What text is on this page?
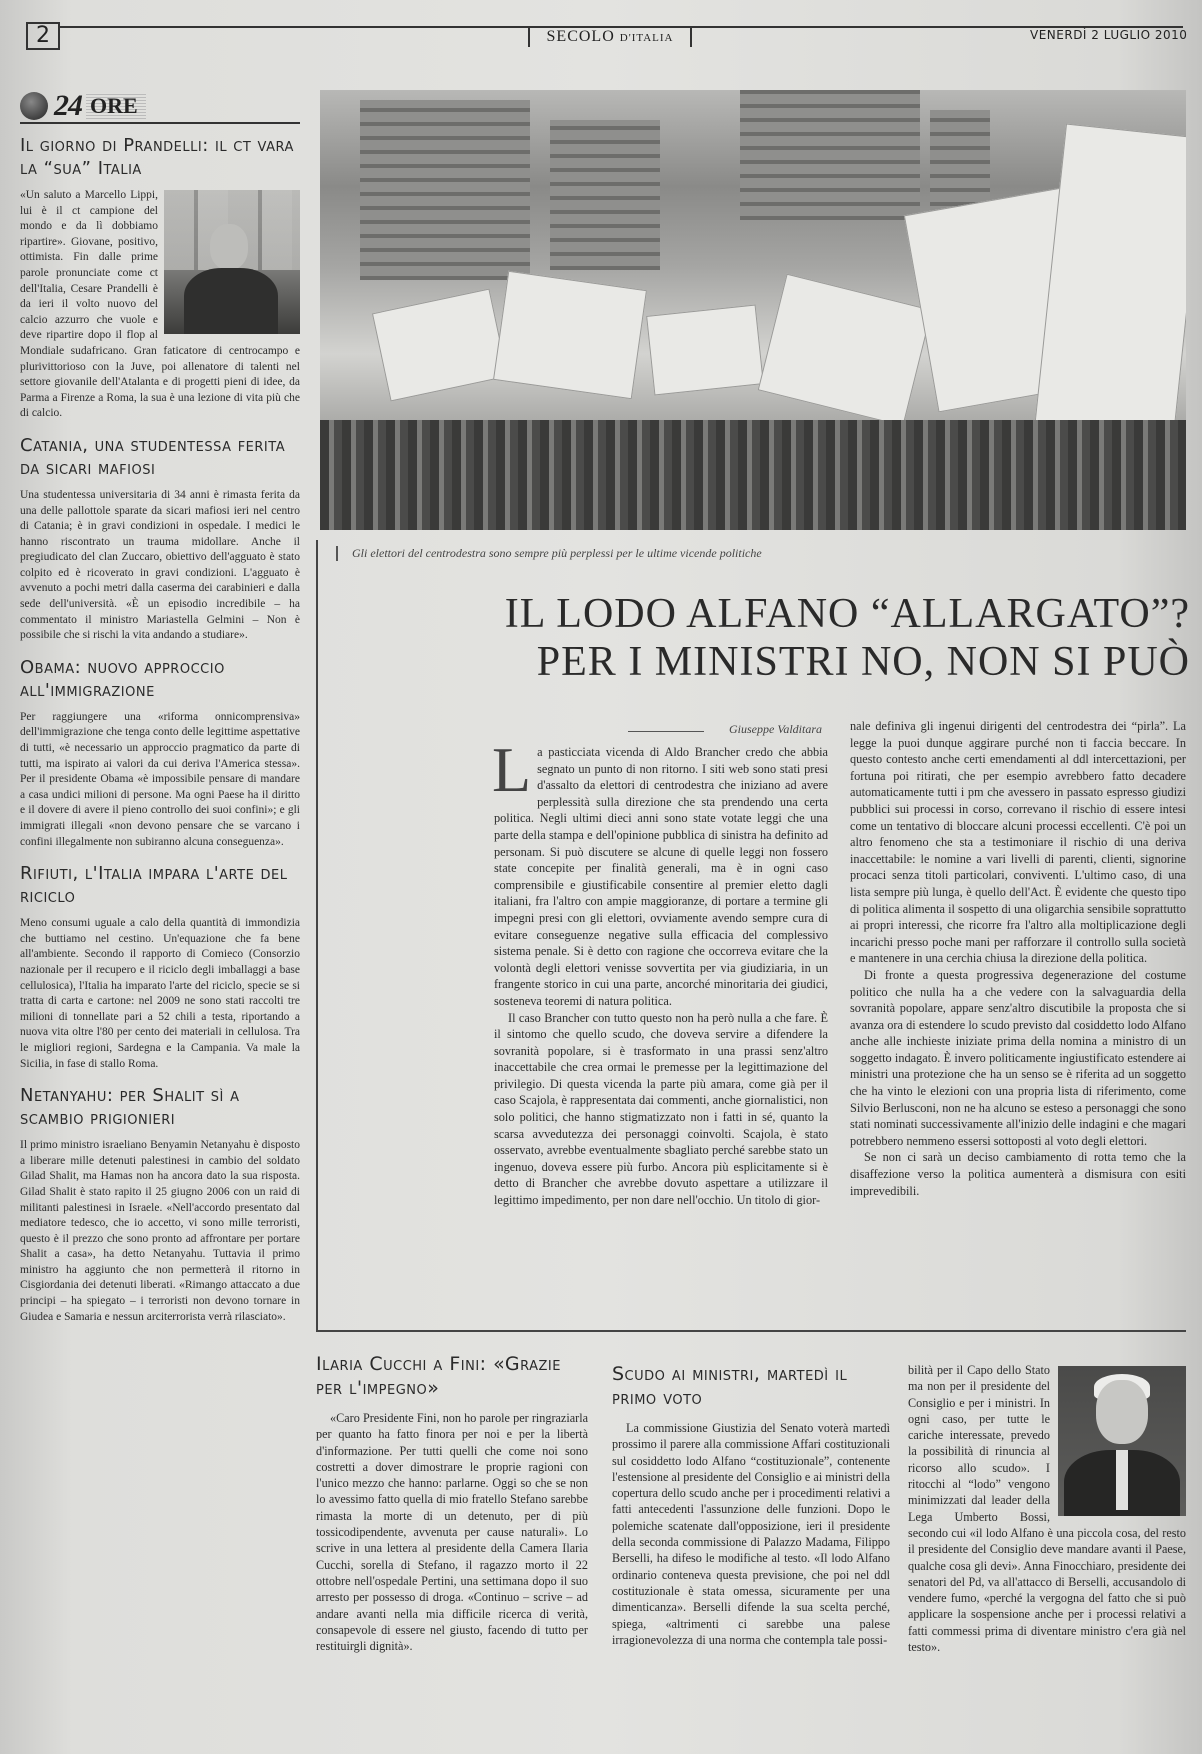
2	SECOLO D'ITALIA	VENERDÌ 2 LUGLIO 2010
24 ORE
Il giorno di Prandelli: il ct vara la “sua” Italia
«Un saluto a Marcello Lippi, lui è il ct campione del mondo e da lì dobbiamo ripartire». Giovane, positivo, ottimista. Fin dalle prime parole pronunciate come ct dell'Italia, Cesare Prandelli è da ieri il volto nuovo del calcio azzurro che vuole e deve ripartire dopo il flop al Mondiale sudafricano. Gran faticatore di centrocampo e plurivittorioso con la Juve, poi allenatore di talenti nel settore giovanile dell'Atalanta e di progetti pieni di idee, da Parma a Firenze a Roma, la sua è una lezione di vita più che di calcio.
Catania, una studentessa ferita da sicari mafiosi
Una studentessa universitaria di 34 anni è rimasta ferita da una delle pallottole sparate da sicari mafiosi ieri nel centro di Catania; è in gravi condizioni in ospedale. I medici le hanno riscontrato un trauma midollare. Anche il pregiudicato del clan Zuccaro, obiettivo dell'agguato è stato colpito ed è ricoverato in gravi condizioni. L'agguato è avvenuto a pochi metri dalla caserma dei carabinieri e dalla sede dell'università. «È un episodio incredibile – ha commentato il ministro Mariastella Gelmini – Non è possibile che si rischi la vita andando a studiare».
Obama: nuovo approccio all'immigrazione
Per raggiungere una «riforma onnicomprensiva» dell'immigrazione che tenga conto delle legittime aspettative di tutti, «è necessario un approccio pragmatico da parte di tutti, ma ispirato ai valori da cui deriva l'America stessa». Per il presidente Obama «è impossibile pensare di mandare a casa undici milioni di persone. Ma ogni Paese ha il diritto e il dovere di avere il pieno controllo dei suoi confini»; e gli immigrati illegali «non devono pensare che se varcano i confini illegalmente non subiranno alcuna conseguenza».
Rifiuti, l'Italia impara l'arte del riciclo
Meno consumi uguale a calo della quantità di immondizia che buttiamo nel cestino. Un'equazione che fa bene all'ambiente. Secondo il rapporto di Comieco (Consorzio nazionale per il recupero e il riciclo degli imballaggi a base cellulosica), l'Italia ha imparato l'arte del riciclo, specie se si tratta di carta e cartone: nel 2009 ne sono stati raccolti tre milioni di tonnellate pari a 52 chili a testa, riportando a nuova vita oltre l'80 per cento dei materiali in cellulosa. Tra le migliori regioni, Sardegna e la Campania. Va male la Sicilia, in fase di stallo Roma.
Netanyahu: per Shalit sì a scambio prigionieri
Il primo ministro israeliano Benyamin Netanyahu è disposto a liberare mille detenuti palestinesi in cambio del soldato Gilad Shalit, ma Hamas non ha ancora dato la sua risposta. Gilad Shalit è stato rapito il 25 giugno 2006 con un raid di militanti palestinesi in Israele. «Nell'accordo presentato dal mediatore tedesco, che io accetto, vi sono mille terroristi, questo è il prezzo che sono pronto ad affrontare per portare Shalit a casa», ha detto Netanyahu. Tuttavia il primo ministro ha aggiunto che non permetterà il ritorno in Cisgiordania dei detenuti liberati. «Rimango attaccato a due principi – ha spiegato – i terroristi non devono tornare in Giudea e Samaria e nessun arciterrorista verrà rilasciato».
Gli elettori del centrodestra sono sempre più perplessi per le ultime vicende politiche
IL LODO ALFANO “ALLARGATO”?
PER I MINISTRI NO, NON SI PUÒ
Giuseppe Valditara

La pasticciata vicenda di Aldo Brancher credo che abbia segnato un punto di non ritorno. I siti web sono stati presi d'assalto da elettori di centrodestra che iniziano ad avere perplessità sulla direzione che sta prendendo una certa politica. Negli ultimi dieci anni sono state votate leggi che una parte della stampa e dell'opinione pubblica di sinistra ha definito ad personam. Si può discutere se alcune di quelle leggi non fossero state concepite per finalità generali, ma è in ogni caso comprensibile e giustificabile consentire al premier eletto dagli italiani, fra l'altro con ampie maggioranze, di portare a termine gli impegni presi con gli elettori, ovviamente avendo sempre cura di evitare conseguenze negative sulla efficacia del complessivo sistema penale. Si è detto con ragione che occorreva evitare che la volontà degli elettori venisse sovvertita per via giudiziaria, in un frangente storico in cui una parte, ancorché minoritaria dei giudici, sosteneva teoremi di natura politica.

Il caso Brancher con tutto questo non ha però nulla a che fare. È il sintomo che quello scudo, che doveva servire a difendere la sovranità popolare, si è trasformato in una prassi senz'altro inaccettabile che crea ormai le premesse per la legittimazione del privilegio. Di questa vicenda la parte più amara, come già per il caso Scajola, è rappresentata dai commenti, anche giornalistici, non solo politici, che hanno stigmatizzato non i fatti in sé, quanto la scarsa avvedutezza dei personaggi coinvolti. Scajola, è stato osservato, avrebbe eventualmente sbagliato perché sarebbe stato un ingenuo, doveva essere più furbo. Ancora più esplicitamente si è detto di Brancher che avrebbe dovuto aspettare a utilizzare il legittimo impedimento, per non dare nell'occhio. Un titolo di gior-

nale definiva gli ingenui dirigenti del centrodestra dei “pirla”. La legge la puoi dunque aggirare purché non ti faccia beccare. In questo contesto anche certi emendamenti al ddl intercettazioni, per fortuna poi ritirati, che per esempio avrebbero fatto decadere automaticamente tutti i pm che avessero in passato espresso giudizi pubblici sui processi in corso, correvano il rischio di essere intesi come un tentativo di bloccare alcuni processi eccellenti. C'è poi un altro fenomeno che sta a testimoniare il rischio di una deriva inaccettabile: le nomine a vari livelli di parenti, clienti, signorine procaci senza titoli particolari, conviventi. L'ultimo caso, di una lista sempre più lunga, è quello dell'Act. È evidente che questo tipo di politica alimenta il sospetto di una oligarchia sensibile soprattutto ai propri interessi, che ricorre fra l'altro alla moltiplicazione degli incarichi presso poche mani per rafforzare il controllo sulla società e mantenere in una cerchia chiusa la direzione della politica.

Di fronte a questa progressiva degenerazione del costume politico che nulla ha a che vedere con la salvaguardia della sovranità popolare, appare senz'altro discutibile la proposta che si avanza ora di estendere lo scudo previsto dal cosiddetto lodo Alfano anche alle inchieste iniziate prima della nomina a ministro di un soggetto indagato. È invero politicamente ingiustificato estendere ai ministri una protezione che ha un senso se è riferita ad un soggetto che ha vinto le elezioni con una propria lista di riferimento, come Silvio Berlusconi, non ne ha alcuno se esteso a personaggi che sono stati nominati successivamente all'inizio delle indagini e che magari potrebbero nemmeno essersi sottoposti al voto degli elettori.

Se non ci sarà un deciso cambiamento di rotta temo che la disaffezione verso la politica aumenterà a dismisura con esiti imprevedibili.

Ilaria Cucchi a Fini: «Grazie per l'impegno»

«Caro Presidente Fini, non ho parole per ringraziarla per quanto ha fatto finora per noi e per la libertà d'informazione. Per tutti quelli che come noi sono costretti a dover dimostrare le proprie ragioni con l'unico mezzo che hanno: parlarne. Oggi so che se non lo avessimo fatto quella di mio fratello Stefano sarebbe rimasta la morte di un detenuto, per di più tossicodipendente, avvenuta per cause naturali». Lo scrive in una lettera al presidente della Camera Ilaria Cucchi, sorella di Stefano, il ragazzo morto il 22 ottobre nell'ospedale Pertini, una settimana dopo il suo arresto per possesso di droga. «Continuo – scrive – ad andare avanti nella mia difficile ricerca di verità, consapevole di essere nel giusto, facendo di tutto per restituirgli dignità».

Scudo ai ministri, martedì il primo voto

La commissione Giustizia del Senato voterà martedì prossimo il parere alla commissione Affari costituzionali sul cosiddetto lodo Alfano “costituzionale”, contenente l'estensione al presidente del Consiglio e ai ministri della copertura dello scudo anche per i procedimenti relativi a fatti antecedenti l'assunzione delle funzioni. Dopo le polemiche scatenate dall'opposizione, ieri il presidente della seconda commissione di Palazzo Madama, Filippo Berselli, ha difeso le modifiche al testo. «Il lodo Alfano ordinario conteneva questa previsione, che poi nel ddl costituzionale è stata omessa, sicuramente per una dimenticanza». Berselli difende la sua scelta perché, spiega, «altrimenti ci sarebbe una palese irragionevolezza di una norma che contempla tale possi-

bilità per il Capo dello Stato ma non per il presidente del Consiglio e per i ministri. In ogni caso, per tutte le cariche interessate, prevedo la possibilità di rinuncia al ricorso allo scudo». I ritocchi al “lodo” vengono minimizzati dal leader della Lega Umberto Bossi, secondo cui «il lodo Alfano è una piccola cosa, del resto il presidente del Consiglio deve mandare avanti il Paese, qualche cosa gli devi». Anna Finocchiaro, presidente dei senatori del Pd, va all'attacco di Berselli, accusandolo di vendere fumo, «perché la vergogna del fatto che si può applicare la sospensione anche per i processi relativi a fatti commessi prima di diventare ministro c'era già nel testo».
